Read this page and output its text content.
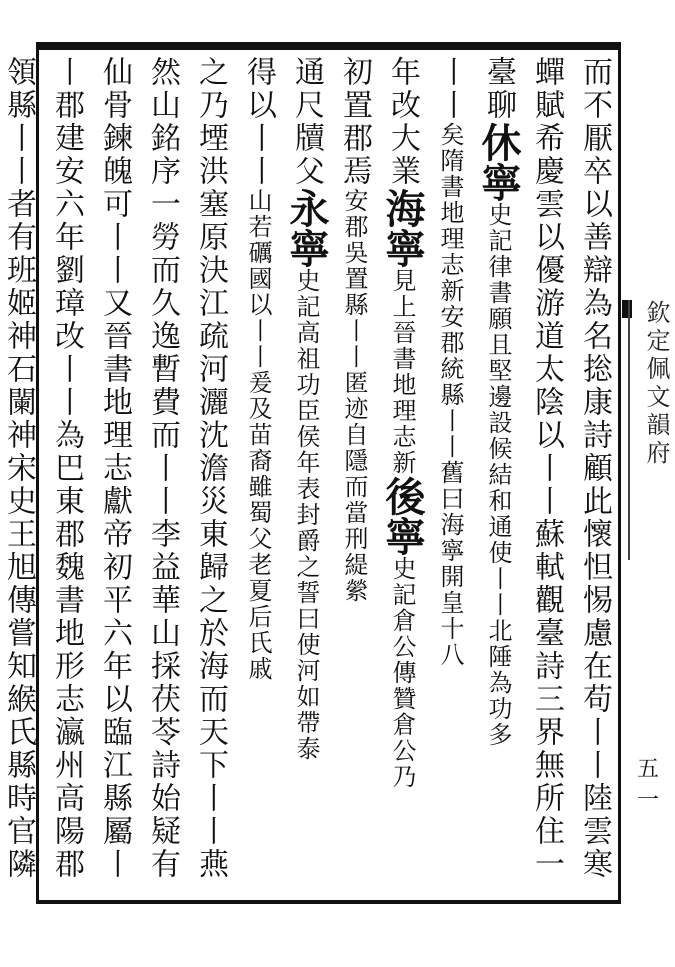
而不厭卒以善辯為名捴康詩顧此懷怛惕慮在苟丨丨陸雲寒
蟬賦希慶雲以優游道太陰以丨丨蘇軾觀臺詩三界無所住一
臺聊休寧史記律書願且堅邊設候結和通使丨丨北陲為功多
丨丨矣隋書地理志新安郡統縣丨丨舊曰海寧開皇十八
年改大業海寧見上晉書地理志新後寧史記倉公傳贊倉公乃
初置郡焉安郡吳置縣丨丨匿迹自隱而當刑緹縈
通尺牘父永寧史記高祖功臣侯年表封爵之誓曰使河如帶泰
得以丨丨山若礪國以丨丨爰及苗裔雖蜀父老夏后氏戚
之乃堙洪塞原決江疏河灑沈澹災東歸之於海而天下丨丨燕
然山銘序一勞而久逸暫費而丨丨李益華山採茯苓詩始疑有
仙骨鍊魄可丨丨又晉書地理志獻帝初平六年以臨江縣屬丨
丨郡建安六年劉璋改丨丨為巴東郡魏書地形志瀛州高陽郡
領縣丨丨者有班姬神石闌神宋史王旭傳嘗知緱氏縣時官隣	欽定佩文韻府
五一
